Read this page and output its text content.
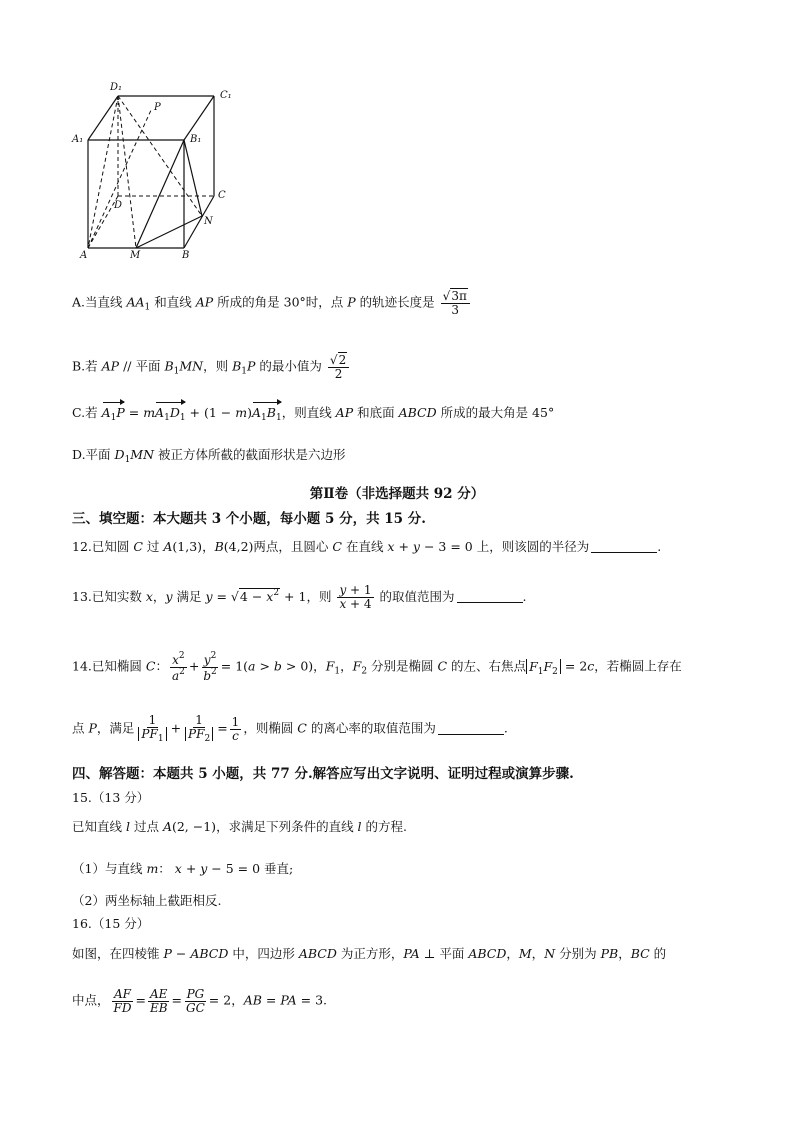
D₁
C₁
A₁	B₁
P
D
C
N
A	M	B
A.当直线 $AA_1$ 和直线 AP 所成的角是 30°时，点 P 的轨迹长度是 $\frac{√3\pi}{3}$
B.若 AP // 平面 $B_1MN$，则 $B_1P$ 的最小值为 $\frac{√2}{2}$
C.若 $A_1P = mA_1D_1 + (1 - m)A_1B_1$，则直线 AP 和底面 ABCD 所成的最大角是 45°
D.平面 $D_1MN$ 被正方体所截的截面形状是六边形
第Ⅱ卷（非选择题共 92 分）
三、填空题：本大题共 3 个小题，每小题 5 分，共 15 分.
12.已知圆 C 过 A(1,3)，B(4,2)两点，且圆心 C 在直线 x + y − 3 = 0 上，则该圆的半径为	.
13.已知实数 x，y 满足 $y = √4 - x^2 + 1$，则 $\frac{y + 1}{x + 4}$ 的取值范围为	.
14.已知椭圆 C： $\frac{x^2}{a^2} + \frac{y^2}{b^2} = 1(a > b > 0)$，$F_1$，$F_2$ 分别是椭圆 C 的左、右焦点 $F_1F_2 = 2c$，若椭圆上存在
点 P，满足 $\frac{1}{PF_1} + \frac{1}{PF_2} = \frac{1}{c}$ ，则椭圆 C 的离心率的取值范围为	.
四、解答题：本题共 5 小题，共 77 分.解答应写出文字说明、证明过程或演算步骤.
15.（13 分）
已知直线 l 过点 A(2, −1)，求满足下列条件的直线 l 的方程.
（1）与直线 m： x + y − 5 = 0 垂直;
（2）两坐标轴上截距相反.
16.（15 分）
如图，在四棱锥 P − ABCD 中，四边形 ABCD 为正方形，PA ⊥ 平面 ABCD，M，N 分别为 PB，BC 的
中点， $\frac{AF}{FD} = \frac{AE}{EB} = \frac{PG}{GC} = 2$，AB = PA = 3.
